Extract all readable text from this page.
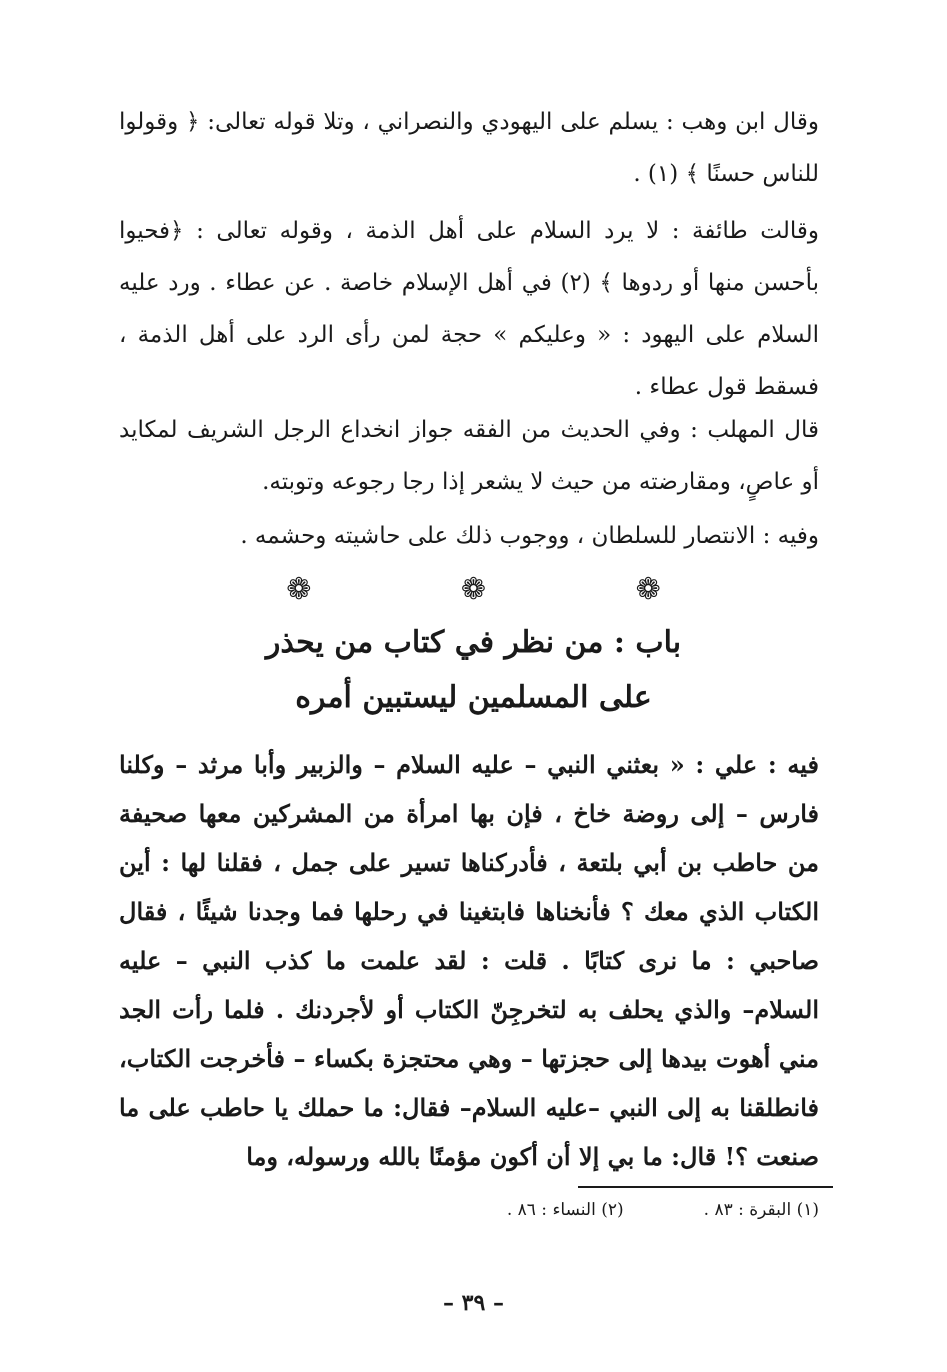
وقال ابن وهب : يسلم على اليهودي والنصراني ، وتلا قوله تعالى: ﴿ وقولوا للناس حسنًا ﴾ (١) .

وقالت طائفة : لا يرد السلام على أهل الذمة ، وقوله تعالى : ﴿فحيوا بأحسن منها أو ردوها ﴾ (٢) في أهل الإسلام خاصة . عن عطاء . ورد عليه السلام على اليهود : « وعليكم » حجة لمن رأى الرد على أهل الذمة ، فسقط قول عطاء .

قال المهلب : وفي الحديث من الفقه جواز انخداع الرجل الشريف لمكايد أو عاصٍ، ومقارضته من حيث لا يشعر إذا رجا رجوعه وتوبته.

وفيه : الانتصار للسلطان ، ووجوب ذلك على حاشيته وحشمه .

❁ ❁ ❁
باب : من نظر في كتاب من يحذر
على المسلمين ليستبين أمره

فيه : علي : « بعثني النبي – عليه السلام – والزبير وأبا مرثد – وكلنا فارس – إلى روضة خاخ ، فإن بها امرأة من المشركين معها صحيفة من حاطب بن أبي بلتعة ، فأدركناها تسير على جمل ، فقلنا لها : أين الكتاب الذي معك ؟ فأنخناها فابتغينا في رحلها فما وجدنا شيئًا ، فقال صاحبي : ما نرى كتابًا . قلت : لقد علمت ما كذب النبي – عليه السلام– والذي يحلف به لتخرجِنّ الكتاب أو لأجردنك . فلما رأت الجد مني أهوت بيدها إلى حجزتها – وهي محتجزة بكساء – فأخرجت الكتاب، فانطلقنا به إلى النبي –عليه السلام– فقال: ما حملك يا حاطب على ما صنعت ؟! قال: ما بي إلا أن أكون مؤمنًا بالله ورسوله، وما

(١) البقرة : ٨٣ .
(٢) النساء : ٨٦ .
– ٣٩ –
